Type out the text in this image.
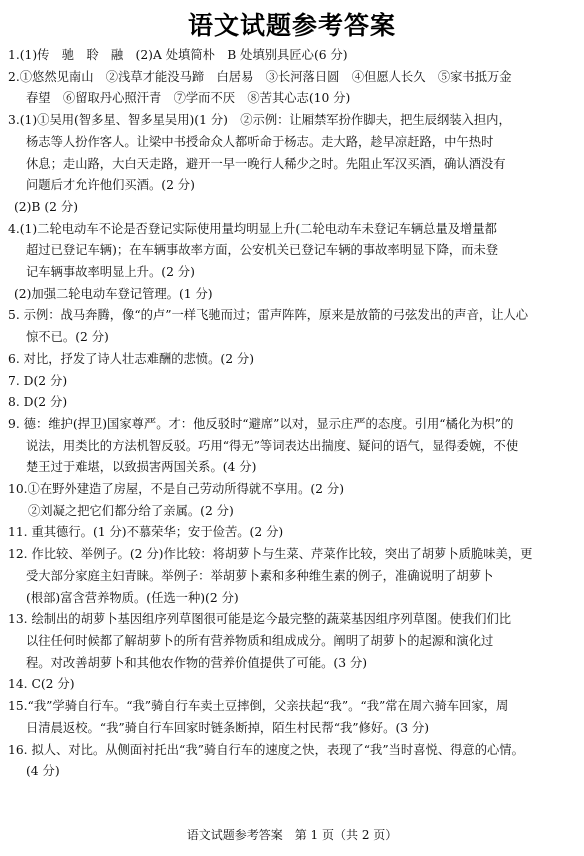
语文试题参考答案
1.(1)传　驰　聆　融　(2)A 处填简朴　B 处填别具匠心(6 分)
2.①悠然见南山　②浅草才能没马蹄　白居易　③长河落日圆　④但愿人长久　⑤家书抵万金
春望　⑥留取丹心照汗青　⑦学而不厌　⑧苦其心志(10 分)
3.(1)①吴用(智多星、智多星吴用)(1 分)　②示例：让厢禁军扮作脚夫，把生辰纲装入担内，
杨志等人扮作客人。让梁中书授命众人都听命于杨志。走大路，趁早凉赶路，中午热时
休息；走山路，大白天走路，避开一早一晚行人稀少之时。先阻止军汉买酒，确认酒没有
问题后才允许他们买酒。(2 分)
(2)B (2 分)
4.(1)二轮电动车不论是否登记实际使用量均明显上升(二轮电动车未登记车辆总量及增量都
超过已登记车辆)；在车辆事故率方面，公安机关已登记车辆的事故率明显下降，而未登
记车辆事故率明显上升。(2 分)
(2)加强二轮电动车登记管理。(1 分)
5. 示例：战马奔腾，像“的卢”一样飞驰而过；雷声阵阵，原来是放箭的弓弦发出的声音，让人心
惊不已。(2 分)
6. 对比，抒发了诗人壮志难酬的悲愤。(2 分)
7. D(2 分)
8. D(2 分)
9. 德：维护(捍卫)国家尊严。才：他反驳时“避席”以对，显示庄严的态度。引用“橘化为枳”的
说法，用类比的方法机智反驳。巧用“得无”等词表达出揣度、疑问的语气，显得委婉，不使
楚王过于难堪，以致损害两国关系。(4 分)
10.①在野外建造了房屋，不是自己劳动所得就不享用。(2 分)
②刘凝之把它们都分给了亲属。(2 分)
11. 重其德行。(1 分)不慕荣华；安于俭苦。(2 分)
12. 作比较、举例子。(2 分)作比较：将胡萝卜与生菜、芹菜作比较，突出了胡萝卜质脆味美，更
受大部分家庭主妇青睐。举例子：举胡萝卜素和多种维生素的例子，准确说明了胡萝卜
(根部)富含营养物质。(任选一种)(2 分)
13. 绘制出的胡萝卜基因组序列草图很可能是迄今最完整的蔬菜基因组序列草图。使我们们比
以往任何时候都了解胡萝卜的所有营养物质和组成成分。阐明了胡萝卜的起源和演化过
程。对改善胡萝卜和其他农作物的营养价值提供了可能。(3 分)
14. C(2 分)
15.“我”学骑自行车。“我”骑自行车卖土豆摔倒，父亲扶起“我”。“我”常在周六骑车回家，周
日清晨返校。“我”骑自行车回家时链条断掉，陌生村民帮“我”修好。(3 分)
16. 拟人、对比。从侧面衬托出“我”骑自行车的速度之快，表现了“我”当时喜悦、得意的心情。
(4 分)
语文试题参考答案　第 1 页（共 2 页）
